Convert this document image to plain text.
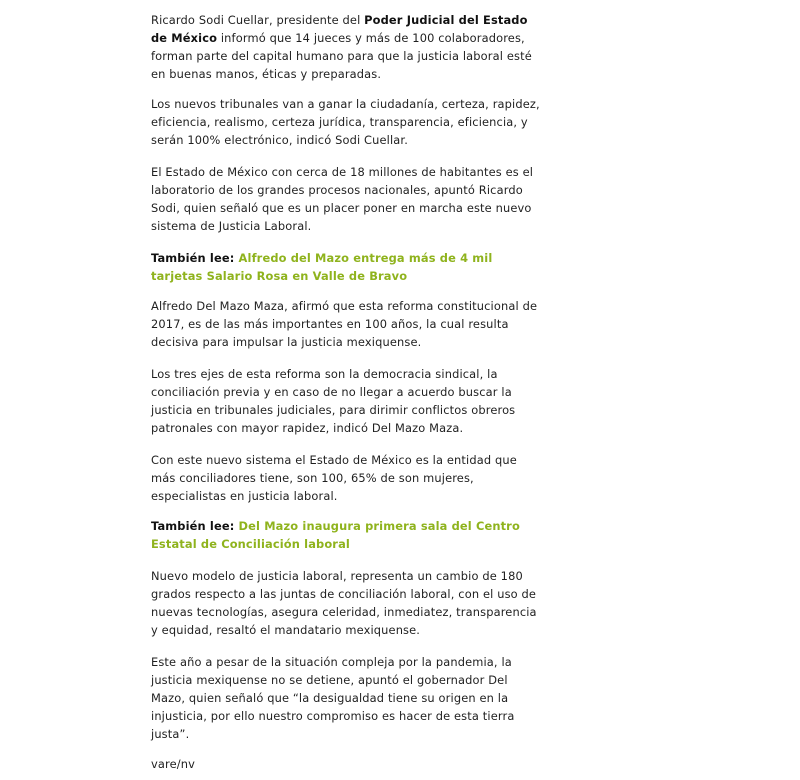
Ricardo Sodi Cuellar, presidente del Poder Judicial del Estado de México informó que 14 jueces y más de 100 colaboradores, forman parte del capital humano para que la justicia laboral esté en buenas manos, éticas y preparadas.

Los nuevos tribunales van a ganar la ciudadanía, certeza, rapidez, eficiencia, realismo, certeza jurídica, transparencia, eficiencia, y serán 100% electrónico, indicó Sodi Cuellar.

El Estado de México con cerca de 18 millones de habitantes es el laboratorio de los grandes procesos nacionales, apuntó Ricardo Sodi, quien señaló que es un placer poner en marcha este nuevo sistema de Justicia Laboral.

También lee: Alfredo del Mazo entrega más de 4 mil tarjetas Salario Rosa en Valle de Bravo

Alfredo Del Mazo Maza, afirmó que esta reforma constitucional de 2017, es de las más importantes en 100 años, la cual resulta decisiva para impulsar la justicia mexiquense.

Los tres ejes de esta reforma son la democracia sindical, la conciliación previa y en caso de no llegar a acuerdo buscar la justicia en tribunales judiciales, para dirimir conflictos obreros patronales con mayor rapidez, indicó Del Mazo Maza.

Con este nuevo sistema el Estado de México es la entidad que más conciliadores tiene, son 100, 65% de son mujeres, especialistas en justicia laboral.

También lee: Del Mazo inaugura primera sala del Centro Estatal de Conciliación laboral

Nuevo modelo de justicia laboral, representa un cambio de 180 grados respecto a las juntas de conciliación laboral, con el uso de nuevas tecnologías, asegura celeridad, inmediatez, transparencia y equidad, resaltó el mandatario mexiquense.

Este año a pesar de la situación compleja por la pandemia, la justicia mexiquense no se detiene, apuntó el gobernador Del Mazo, quien señaló que “la desigualdad tiene su origen en la injusticia, por ello nuestro compromiso es hacer de esta tierra justa”.

vare/nv
